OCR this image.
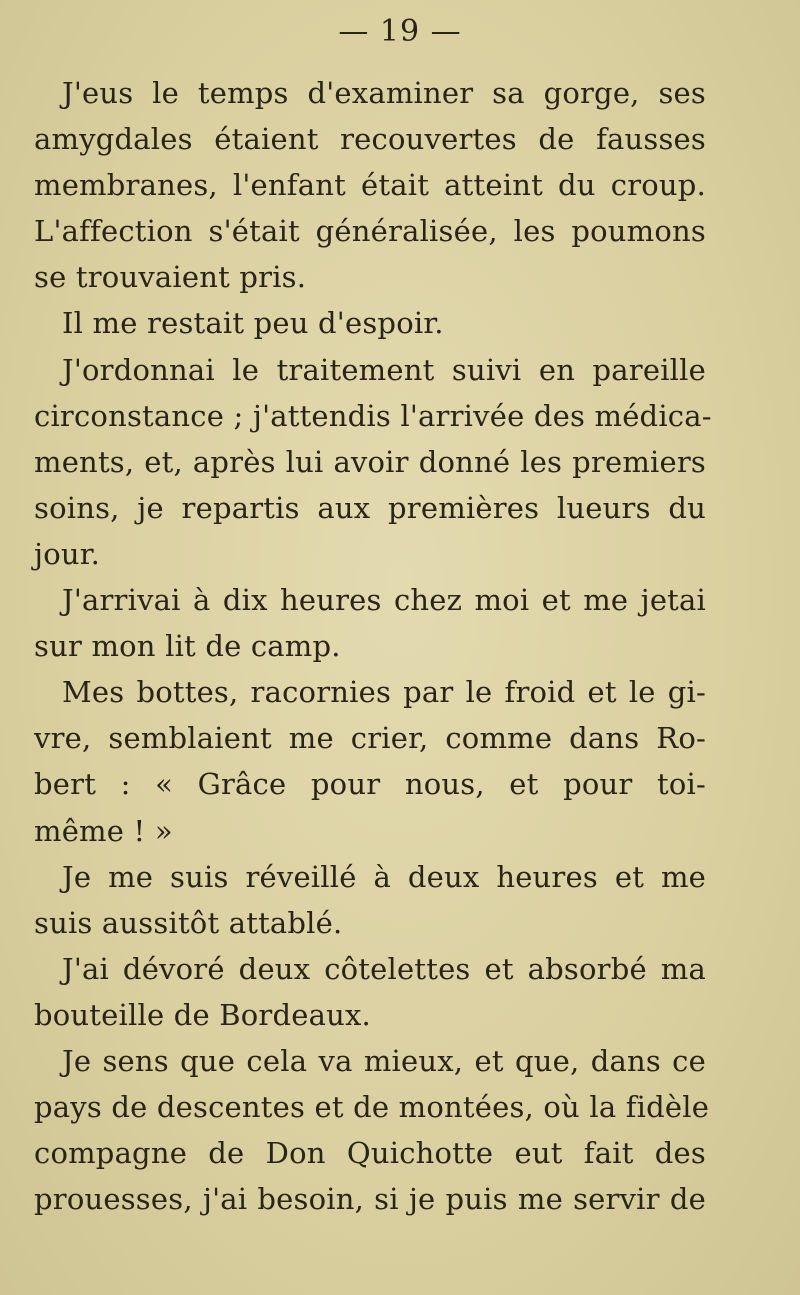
— 19 —
J'eus le temps d'examiner sa gorge, ses
amygdales étaient recouvertes de fausses
membranes, l'enfant était atteint du croup.
L'affection s'était généralisée, les poumons
se trouvaient pris.
Il me restait peu d'espoir.
J'ordonnai le traitement suivi en pareille
circonstance ; j'attendis l'arrivée des médica-
ments, et, après lui avoir donné les premiers
soins, je repartis aux premières lueurs du
jour.
J'arrivai à dix heures chez moi et me jetai
sur mon lit de camp.
Mes bottes, racornies par le froid et le gi-
vre, semblaient me crier, comme dans Ro-
bert : « Grâce pour nous, et pour toi-
même ! »
Je me suis réveillé à deux heures et me
suis aussitôt attablé.
J'ai dévoré deux côtelettes et absorbé ma
bouteille de Bordeaux.
Je sens que cela va mieux, et que, dans ce
pays de descentes et de montées, où la fidèle
compagne de Don Quichotte eut fait des
prouesses, j'ai besoin, si je puis me servir de
